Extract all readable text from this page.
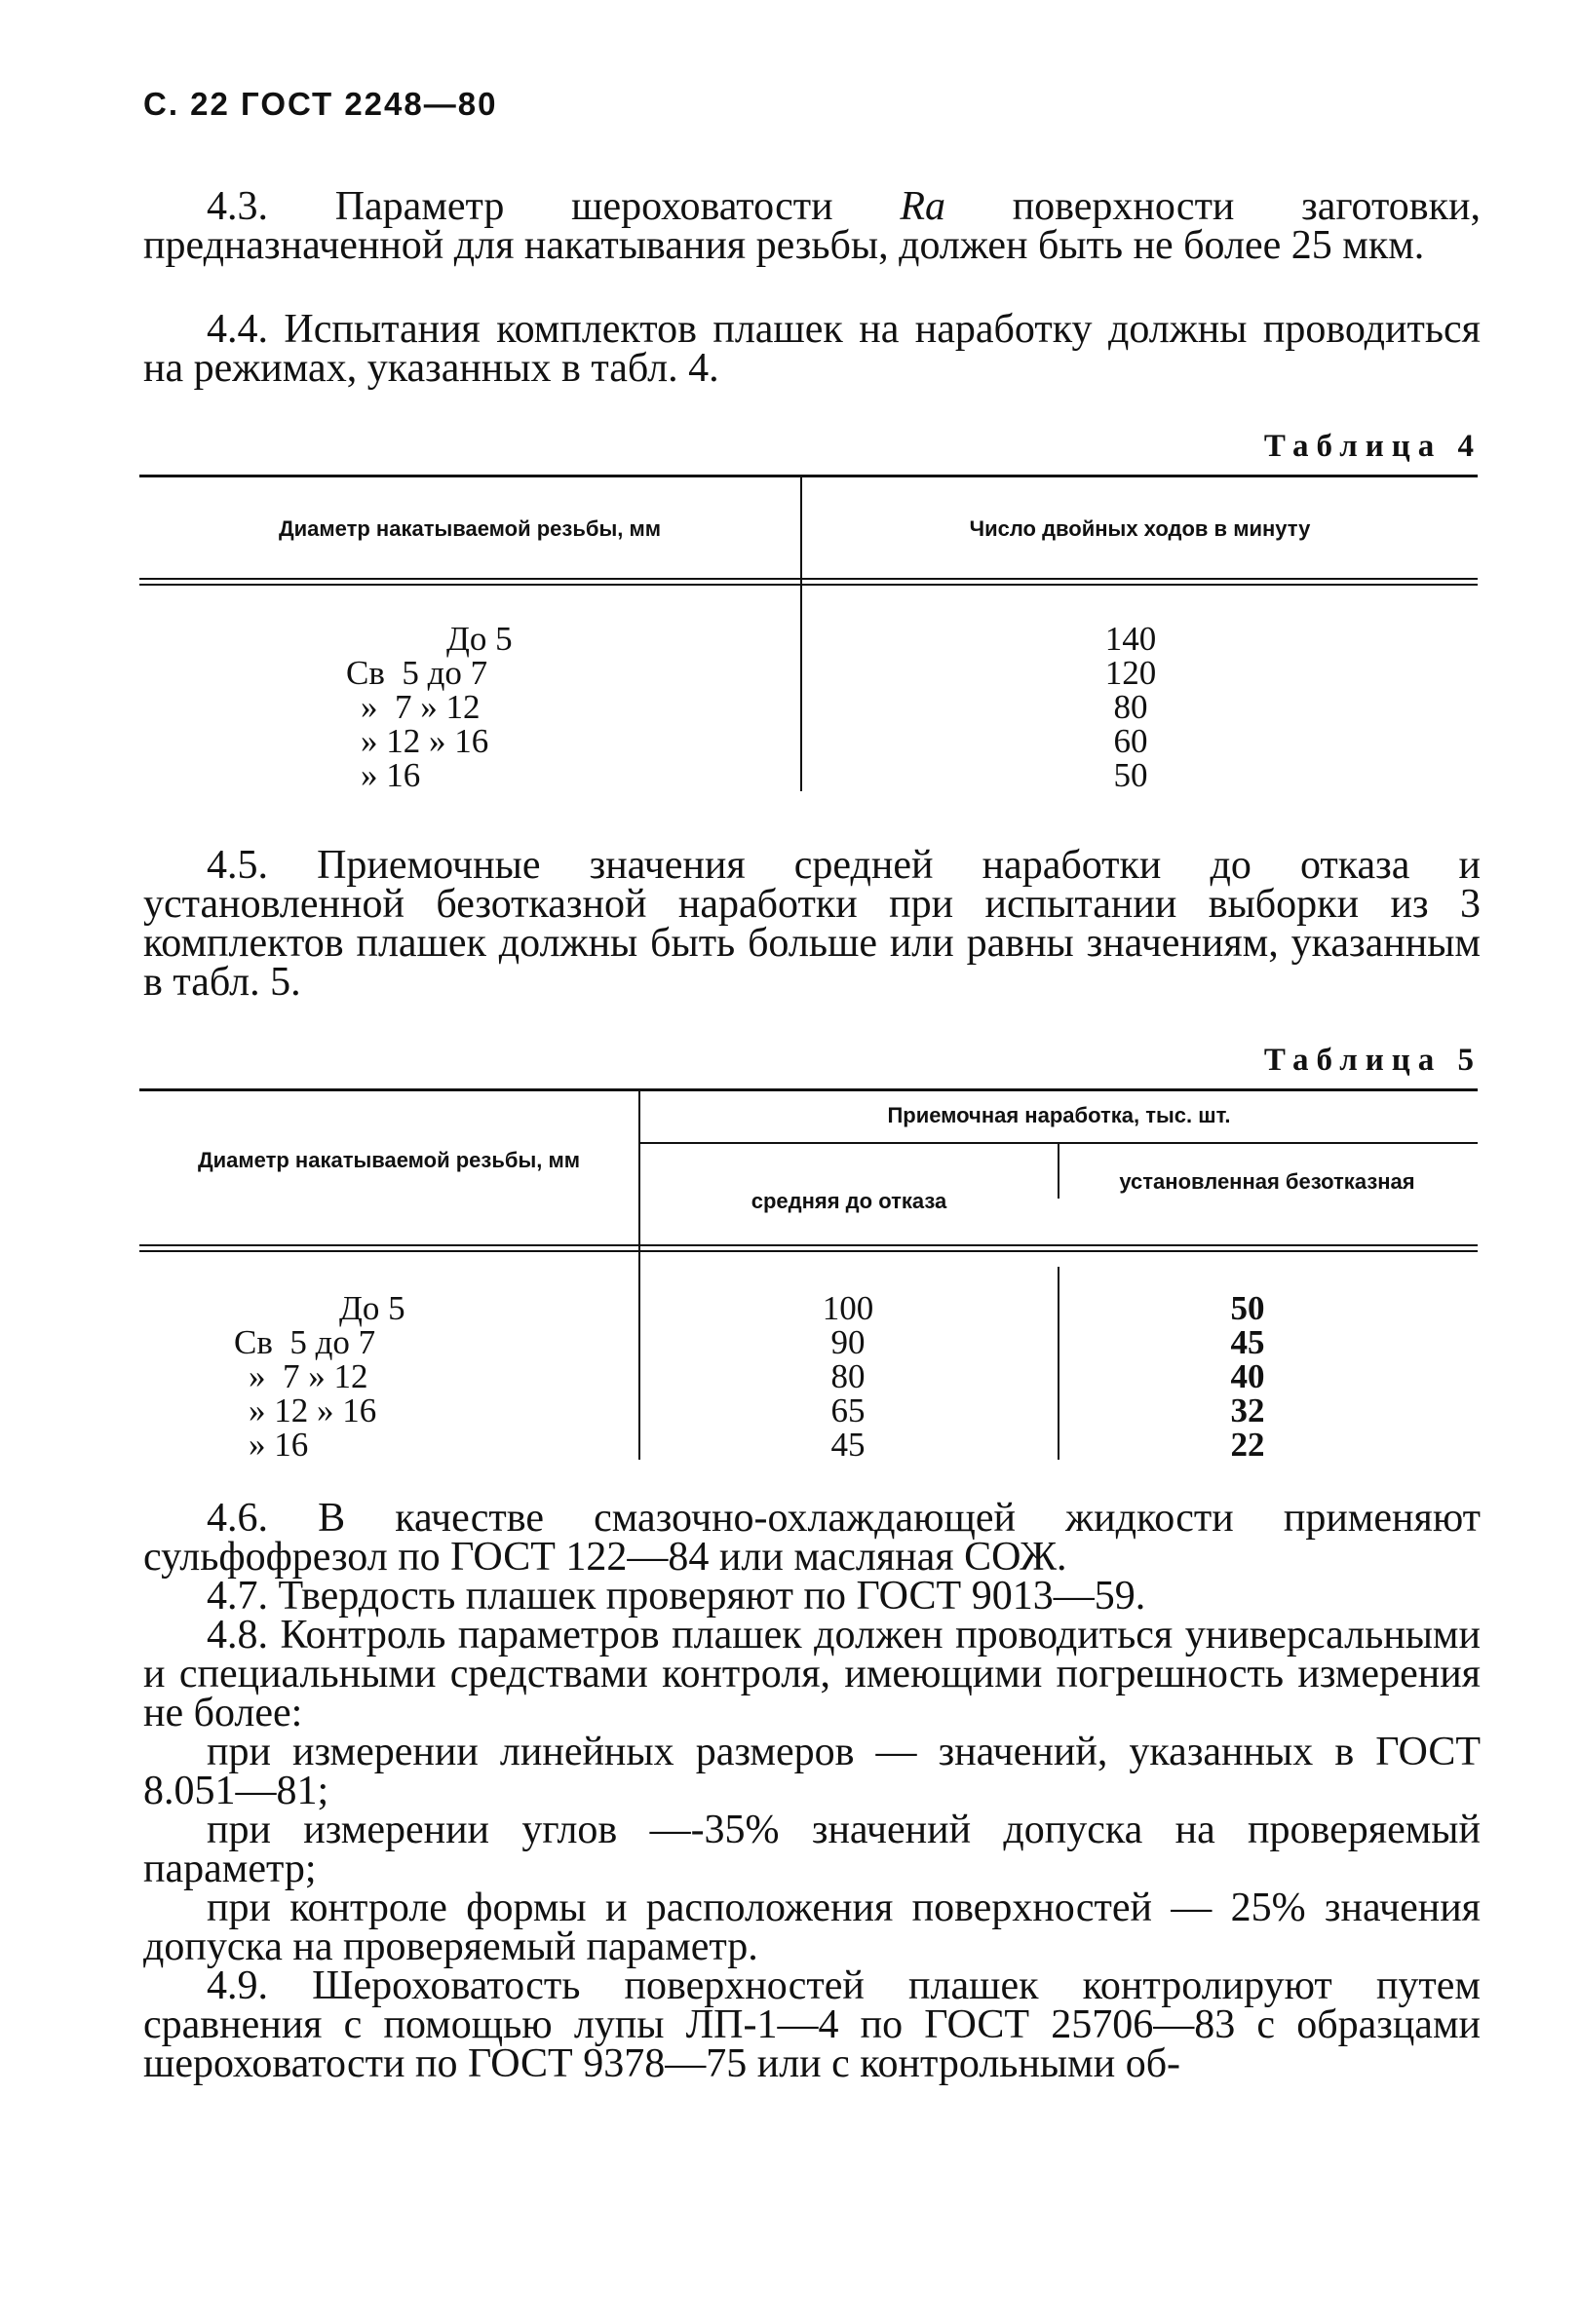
С. 22 ГОСТ 2248—80

4.3. Параметр шероховатости Ra поверхности заготовки, предназначенной для накатывания резьбы, должен быть не более 25 мкм.

4.4. Испытания комплектов плашек на наработку должны проводиться на режимах, указанных в табл. 4.

Таблица 4
Диаметр накатываемой резьбы, мм	Число двойных ходов в минуту
До 5
Св  5 до 7
»  7 » 12
» 12 » 16
» 16
140
120
80
60
50

4.5. Приемочные значения средней наработки до отказа и установленной безотказной наработки при испытании выборки из 3 комплектов плашек должны быть больше или равны значениям, указанным в табл. 5.

Таблица 5
Приемочная наработка, тыс. шт.
Диаметр накатываемой резьбы, мм
средняя до отказа
установленная безотказная
До 5
Св  5 до 7
»  7 » 12
» 12 » 16
» 16
100
90
80
65
45
50
45
40
32
22

4.6. В качестве смазочно-охлаждающей жидкости применяют сульфофрезол по ГОСТ 122—84 или масляная СОЖ.

4.7. Твердость плашек проверяют по ГОСТ 9013—59.

4.8. Контроль параметров плашек должен проводиться универсальными и специальными средствами контроля, имеющими погрешность измерения не более:

при измерении линейных размеров — значений, указанных в ГОСТ 8.051—81;

при измерении углов —-35% значений допуска на проверяемый параметр;

при контроле формы и расположения поверхностей — 25% значения допуска на проверяемый параметр.

4.9. Шероховатость поверхностей плашек контролируют путем сравнения с помощью лупы ЛП-1—4 по ГОСТ 25706—83 с образцами шероховатости по ГОСТ 9378—75 или с контрольными об-
